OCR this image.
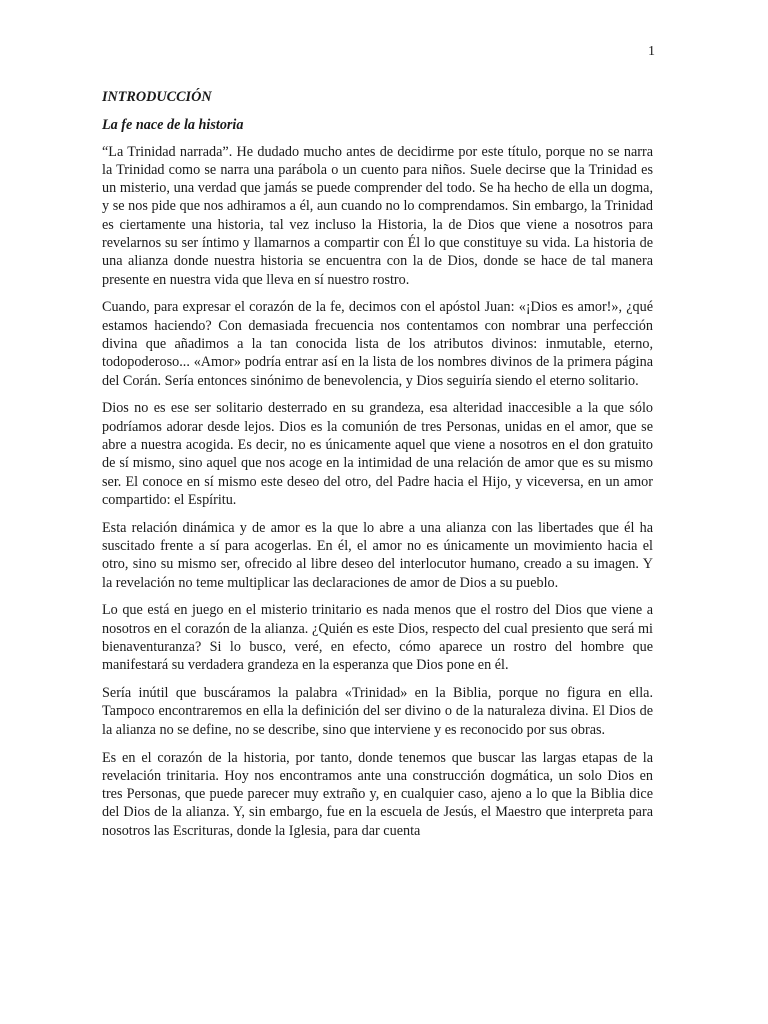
1
INTRODUCCIÓN
La fe nace de la historia

“La Trinidad narrada”. He dudado mucho antes de decidirme por este título, porque no se narra la Trinidad como se narra una parábola o un cuento para niños. Suele decirse que la Trinidad es un misterio, una verdad que jamás se puede comprender del todo. Se ha hecho de ella un dogma, y se nos pide que nos adhiramos a él, aun cuando no lo comprendamos. Sin embargo, la Trinidad es ciertamente una historia, tal vez incluso la Historia, la de Dios que viene a nosotros para revelarnos su ser íntimo y llamarnos a compartir con Él lo que constituye su vida. La historia de una alianza donde nuestra historia se encuentra con la de Dios, donde se hace de tal manera presente en nuestra vida que lleva en sí nuestro rostro.

Cuando, para expresar el corazón de la fe, decimos con el apóstol Juan: «¡Dios es amor!», ¿qué estamos haciendo? Con demasiada frecuencia nos contentamos con nombrar una perfección divina que añadimos a la tan conocida lista de los atributos divinos: inmutable, eterno, todopoderoso... «Amor» podría entrar así en la lista de los nombres divinos de la primera página del Corán. Sería entonces sinónimo de benevolencia, y Dios seguiría siendo el eterno solitario.

Dios no es ese ser solitario desterrado en su grandeza, esa alteridad inaccesible a la que sólo podríamos adorar desde lejos. Dios es la comunión de tres Personas, unidas en el amor, que se abre a nuestra acogida. Es decir, no es únicamente aquel que viene a nosotros en el don gratuito de sí mismo, sino aquel que nos acoge en la intimidad de una relación de amor que es su mismo ser. El conoce en sí mismo este deseo del otro, del Padre hacia el Hijo, y viceversa, en un amor compartido: el Espíritu.

Esta relación dinámica y de amor es la que lo abre a una alianza con las libertades que él ha suscitado frente a sí para acogerlas. En él, el amor no es únicamente un movimiento hacia el otro, sino su mismo ser, ofrecido al libre deseo del interlocutor humano, creado a su imagen. Y la revelación no teme multiplicar las declaraciones de amor de Dios a su pueblo.

Lo que está en juego en el misterio trinitario es nada menos que el rostro del Dios que viene a nosotros en el corazón de la alianza. ¿Quién es este Dios, respecto del cual presiento que será mi bienaventuranza? Si lo busco, veré, en efecto, cómo aparece un rostro del hombre que manifestará su verdadera grandeza en la esperanza que Dios pone en él.

Sería inútil que buscáramos la palabra «Trinidad» en la Biblia, porque no figura en ella. Tampoco encontraremos en ella la definición del ser divino o de la naturaleza divina. El Dios de la alianza no se define, no se describe, sino que interviene y es reconocido por sus obras.

Es en el corazón de la historia, por tanto, donde tenemos que buscar las largas etapas de la revelación trinitaria. Hoy nos encontramos ante una construcción dogmática, un solo Dios en tres Personas, que puede parecer muy extraño y, en cualquier caso, ajeno a lo que la Biblia dice del Dios de la alianza. Y, sin embargo, fue en la escuela de Jesús, el Maestro que interpreta para nosotros las Escrituras, donde la Iglesia, para dar cuenta
